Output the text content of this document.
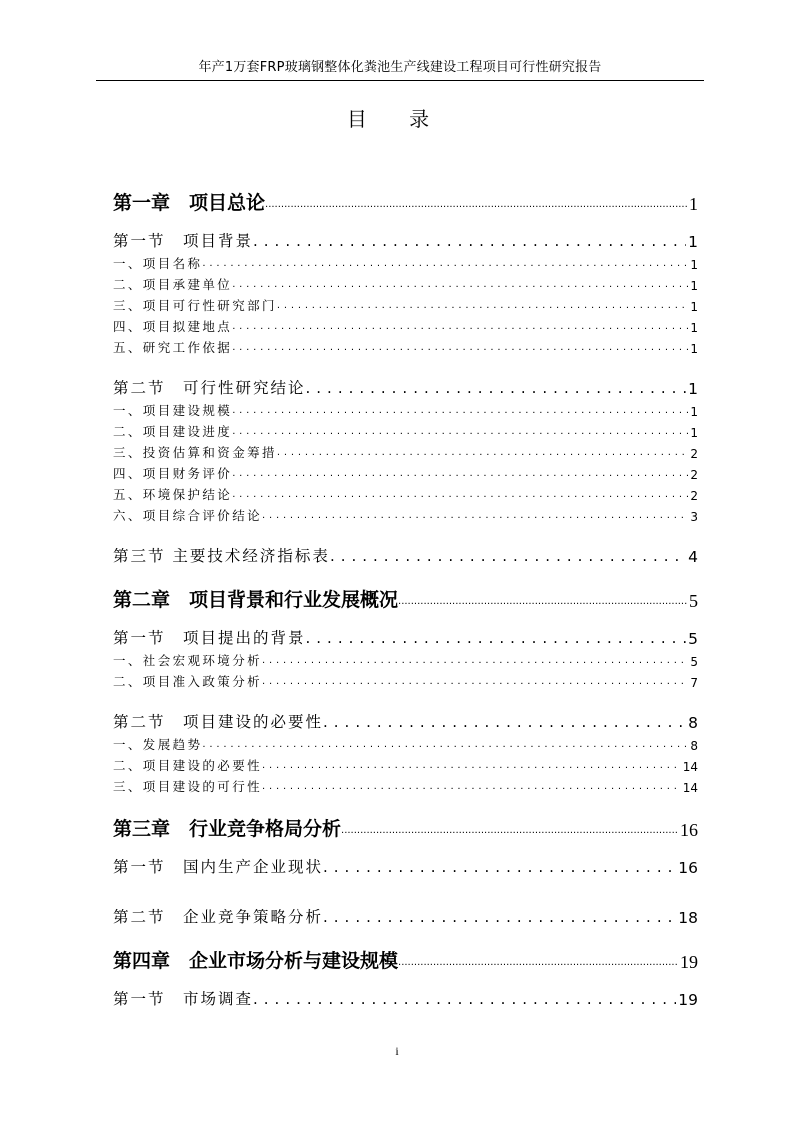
年产1万套FRP玻璃钢整体化粪池生产线建设工程项目可行性研究报告
目 录
第一章　项目总论 .....	1
第一节　项目背景 .....	1
一、项目名称 .....	1
二、项目承建单位 .....	1
三、项目可行性研究部门 .....	1
四、项目拟建地点 .....	1
五、研究工作依据 .....	1
第二节　可行性研究结论 .....	1
一、项目建设规模 .....	1
二、项目建设进度 .....	1
三、投资估算和资金筹措 .....	2
四、项目财务评价 .....	2
五、环境保护结论 .....	2
六、项目综合评价结论 .....	3
第三节 主要技术经济指标表 .....	4
第二章　项目背景和行业发展概况 .....	5
第一节　项目提出的背景 .....	5
一、社会宏观环境分析 .....	5
二、项目准入政策分析 .....	7
第二节　项目建设的必要性 .....	8
一、发展趋势 .....	8
二、项目建设的必要性 .....	14
三、项目建设的可行性 .....	14
第三章　行业竞争格局分析 .....	16
第一节　国内生产企业现状 .....	16
第二节　企业竞争策略分析 .....	18
第四章　企业市场分析与建设规模 .....	19
第一节　市场调查 .....	19
i
